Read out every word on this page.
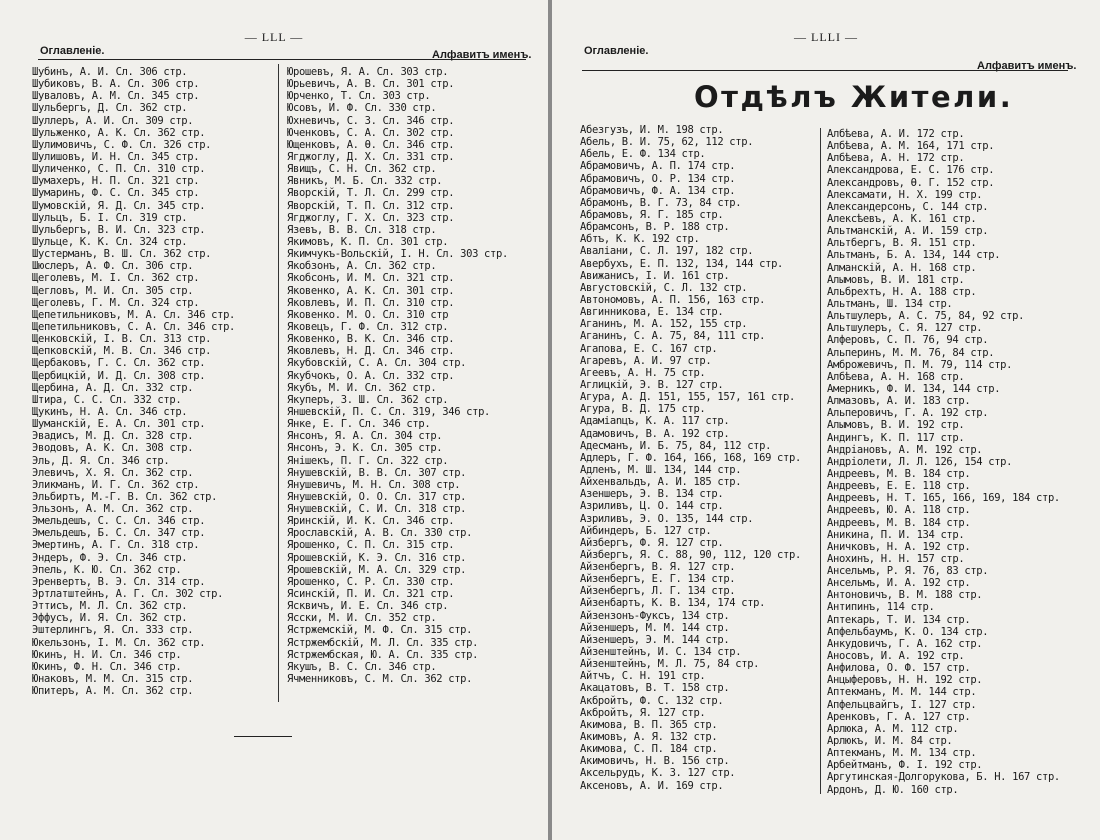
— LLL —
Оглавленіе.	Алфавитъ именъ.
Шубинъ, А. И. Сл. 306 стр.
Шубиковъ, В. А. Сл. 306 стр.
Шуваловъ, А. М. Сл. 345 стр.
Шульбергъ, Д. Сл. 362 стр.
Шуллеръ, А. И. Сл. 309 стр.
Шульженко, А. К. Сл. 362 стр.
Шулимовичъ, С. Ф. Сл. 326 стр.
Шулишовъ, И. Н. Сл. 345 стр.
Шуличенко, С. П. Сл. 310 стр.
Шумахеръ, Н. П. Сл. 321 стр.
Шумаринъ, Ф. С. Сл. 345 стр.
Шумовскій, Я. Д. Сл. 345 стр.
Шульцъ, Б. І. Сл. 319 стр.
Шульбергъ, В. И. Сл. 323 стр.
Шульце, К. К. Сл. 324 стр.
Шустерманъ, В. Ш. Сл. 362 стр.
Шюслеръ, А. Ф. Сл. 306 стр.
Щеголевъ, М. І. Сл. 362 стр.
Щегловъ, М. И. Сл. 305 стр.
Щеголевъ, Г. М. Сл. 324 стр.
Щепетильниковъ, М. А. Сл. 346 стр.
Щепетильниковъ, С. А. Сл. 346 стр.
Щенковскій, І. В. Сл. 313 стр.
Щепковскій, М. В. Сл. 346 стр.
Щербаковъ, Г. С. Сл. 362 стр.
Щербицкій, И. Д. Сл. 308 стр.
Щербина, А. Д. Сл. 332 стр.
Штира, С. С. Сл. 332 стр.
Щукинъ, Н. А. Сл. 346 стр.
Шуманскій, Е. А. Сл. 301 стр.
Эвадисъ, М. Д. Сл. 328 стр.
Эводовъ, А. К. Сл. 308 стр.
Эль, Д. Я. Сл. 346 стр.
Элевичъ, Х. Я. Сл. 362 стр.
Эликманъ, И. Г. Сл. 362 стр.
Эльбиртъ, М.-Г. В. Сл. 362 стр.
Эльзонъ, А. М. Сл. 362 стр.
Эмельдешъ, С. С. Сл. 346 стр.
Эмельдешъ, Б. С. Сл. 347 стр.
Эмертинъ, А. Г. Сл. 318 стр.
Эндеръ, Ф. Э. Сл. 346 стр.
Эпель, К. Ю. Сл. 362 стр.
Эренвертъ, В. Э. Сл. 314 стр.
Эртлатштейнъ, А. Г. Сл. 302 стр.
Эттисъ, М. Л. Сл. 362 стр.
Эффусъ, И. Я. Сл. 362 стр.
Эштерлингъ, Я. Сл. 333 стр.
Юкельзонъ, І. М. Сл. 362 стр.
Юкинъ, Н. И. Сл. 346 стр.
Юкинъ, Ф. Н. Сл. 346 стр.
Юнаковъ, М. М. Сл. 315 стр.
Юпитеръ, А. М. Сл. 362 стр.
Юрошевъ, Я. А. Сл. 303 стр.
Юрьевичъ, А. В. Сл. 301 стр.
Юрченко, Т. Сл. 303 стр.
Юсовъ, И. Ф. Сл. 330 стр.
Юхневичъ, С. З. Сл. 346 стр.
Юченковъ, С. А. Сл. 302 стр.
Ющенковъ, А. Ѳ. Сл. 346 стр.
Ягджоглу, Д. Х. Сл. 331 стр.
Явищъ, С. Н. Сл. 362 стр.
Явникъ, М. Б. Сл. 332 стр.
Яворскій, Т. Л. Сл. 299 стр.
Яворскій, Т. П. Сл. 312 стр.
Ягджоглу, Г. Х. Сл. 323 стр.
Язевъ, В. В. Сл. 318 стр.
Якимовъ, К. П. Сл. 301 стр.
Якимчукъ-Вольскій, І. Н. Сл. 303 стр.
Якобзонъ, А. Сл. 362 стр.
Якобсонъ, И. М. Сл. 321 стр.
Яковенко, А. К. Сл. 301 стр.
Яковлевъ, И. П. Сл. 310 стр.
Яковенко. М. О. Сл. 310 стр
Яковецъ, Г. Ф. Сл. 312 стр.
Яковенко, В. К. Сл. 346 стр.
Яковлевъ, Н. Д. Сл. 346 стр.
Якубовскій, С. А. Сл. 304 стр.
Якубчокъ, О. А. Сл. 332 стр.
Якубъ, М. И. Сл. 362 стр.
Якуперъ, З. Ш. Сл. 362 стр.
Яншевскій, П. С. Сл. 319, 346 стр.
Янке, Е. Г. Сл. 346 стр.
Янсонъ, Я. А. Сл. 304 стр.
Янсонъ, Э. К. Сл. 305 стр.
Янішекъ, П. Г. Сл. 322 стр.
Янушевскій, В. В. Сл. 307 стр.
Янушевичъ, М. Н. Сл. 308 стр.
Янушевскій, О. О. Сл. 317 стр.
Янушевскій, С. И. Сл. 318 стр.
Яринскій, И. К. Сл. 346 стр.
Ярославскій, А. В. Сл. 330 стр.
Ярошенко, С. П. Сл. 315 стр.
Ярошевскій, К. Э. Сл. 316 стр.
Ярошевскій, М. А. Сл. 329 стр.
Ярошенко, С. Р. Сл. 330 стр.
Ясинскій, П. И. Сл. 321 стр.
Ясквичъ, И. Е. Сл. 346 стр.
Ясски, М. И. Сл. 352 стр.
Ястржемскій, М. Ф. Сл. 315 стр.
Ястржембскій, М. Л. Сл. 335 стр.
Ястржембская, Ю. А. Сл. 335 стр.
Якушъ, В. С. Сл. 346 стр.
Ячменниковъ, С. М. Сл. 362 стр.
— LLLI —
Оглавленіе.
Алфавитъ именъ.
Отдѣлъ Жители.
Абезгузъ, И. М. 198 стр.
Абель, В. И. 75, 62, 112 стр.
Абель, Е. Ф. 134 стр.
Абрамовичъ, А. П. 174 стр.
Абрамовичъ, О. Р. 134 стр.
Абрамовичъ, Ф. А. 134 стр.
Абрамонъ, В. Г. 73, 84 стр.
Абрамовъ, Я. Г. 185 стр.
Абрамсонъ, В. Р. 188 стр.
Абтъ, К. К. 192 стр.
Авалiани, С. Л. 197, 182 стр.
Авербухъ, Е. П. 132, 134, 144 стр.
Авижанисъ, І. И. 161 стр.
Августовскій, С. Л. 132 стр.
Автономовъ, А. П. 156, 163 стр.
Авгинникова, Е. 134 стр.
Аганинъ, М. А. 152, 155 стр.
Аганинъ, С. А. 75, 84, 111 стр.
Агапова, Е. С. 167 стр.
Агаревъ, А. И. 97 стр.
Агеевъ, А. Н. 75 стр.
Аглицкій, Э. В. 127 стр.
Агура, А. Д. 151, 155, 157, 161 стр.
Агура, В. Д. 175 стр.
Адамianцъ, К. А. 117 стр.
Адамовичъ, В. А. 192 стр.
Адесманъ, И. Б. 75, 84, 112 стр.
Адлеръ, Г. Ф. 164, 166, 168, 169 стр.
Адленъ, М. Ш. 134, 144 стр.
Айхенвальдъ, А. И. 185 стр.
Азеншеръ, Э. В. 134 стр.
Азриливъ, Ц. О. 144 стр.
Азриливъ, Э. О. 135, 144 стр.
Айбиндеръ, Б. 127 стр.
Айзбергъ, Ф. Я. 127 стр.
Айзбергъ, Я. С. 88, 90, 112, 120 стр.
Айзенбергъ, В. Я. 127 стр.
Айзенбергъ, Е. Г. 134 стр.
Айзенбергъ, Л. Г. 134 стр.
Айзенбартъ, К. В. 134, 174 стр.
Айзензонъ-Фуксъ, 134 стр.
Айзеншеръ, М. М. 144 стр.
Айзеншеръ, Э. М. 144 стр.
Айзенштейнъ, И. С. 134 стр.
Айзенштейнъ, М. Л. 75, 84 стр.
Айтчъ, С. Н. 191 стр.
Акацатовъ, В. Т. 158 стр.
Акбройтъ, Ф. С. 132 стр.
Акбройтъ, Я. 127 стр.
Акимова, В. П. 365 стр.
Акимовъ, А. Я. 132 стр.
Акимова, С. П. 184 стр.
Акимовичъ, Н. В. 156 стр.
Аксельрудъ, К. З. 127 стр.
Аксеновъ, А. И. 169 стр.
Албѣева, А. И. 172 стр.
Албѣева, А. М. 164, 171 стр.
Албѣева, А. Н. 172 стр.
Александрова, Е. С. 176 стр.
Александровъ, Ѳ. Г. 152 стр.
Алексамати, Н. Х. 199 стр.
Александерсонъ, С. 144 стр.
Алексѣевъ, А. К. 161 стр.
Альтманскій, А. И. 159 стр.
Альтбергъ, В. Я. 151 стр.
Альтманъ, Б. А. 134, 144 стр.
Алманскій, А. Н. 168 стр.
Алымовъ, В. И. 181 стр.
Альбрехтъ, Н. А. 188 стр.
Альтманъ, Ш. 134 стр.
Альтшулеръ, А. С. 75, 84, 92 стр.
Альтшулеръ, С. Я. 127 стр.
Алферовъ, С. П. 76, 94 стр.
Альперинъ, М. М. 76, 84 стр.
Амброжевичъ, П. М. 79, 114 стр.
Албѣева, А. Н. 168 стр.
Амерникъ, Ф. И. 134, 144 стр.
Алмазовъ, А. И. 183 стр.
Альперовичъ, Г. А. 192 стр.
Алымовъ, В. И. 192 стр.
Андингъ, К. П. 117 стр.
Андріановъ, А. М. 192 стр.
Андріолети, Л. Л. 126, 154 стр.
Андреевъ, М. В. 184 стр.
Андреевъ, Е. Е. 118 стр.
Андреевъ, Н. Т. 165, 166, 169, 184 стр.
Андреевъ, Ю. А. 118 стр.
Андреевъ, М. В. 184 стр.
Аникина, П. И. 134 стр.
Аничковъ, Н. А. 192 стр.
Анохинъ, Н. Н. 157 стр.
Ансельмъ, Р. Я. 76, 83 стр.
Ансельмъ, И. А. 192 стр.
Антоновичъ, В. М. 188 стр.
Антипинъ, 114 стр.
Аптекарь, Т. И. 134 стр.
Апфельбаумъ, К. О. 134 стр.
Анкудовичъ, Г. А. 162 стр.
Аносовъ, И. А. 192 стр.
Анфилова, О. Ф. 157 стр.
Анцыферовъ, Н. Н. 192 стр.
Аптекманъ, М. М. 144 стр.
Апфельцвайгъ, І. 127 стр.
Аренковъ, Г. А. 127 стр.
Арлюка, А. М. 112 стр.
Арлюкъ, И. М. 84 стр.
Аптекманъ, М. М. 134 стр.
Арбейтманъ, Ф. І. 192 стр.
Аргутинская-Долгорукова, Б. Н. 167 стр.
Ардонъ, Д. Ю. 160 стр.
